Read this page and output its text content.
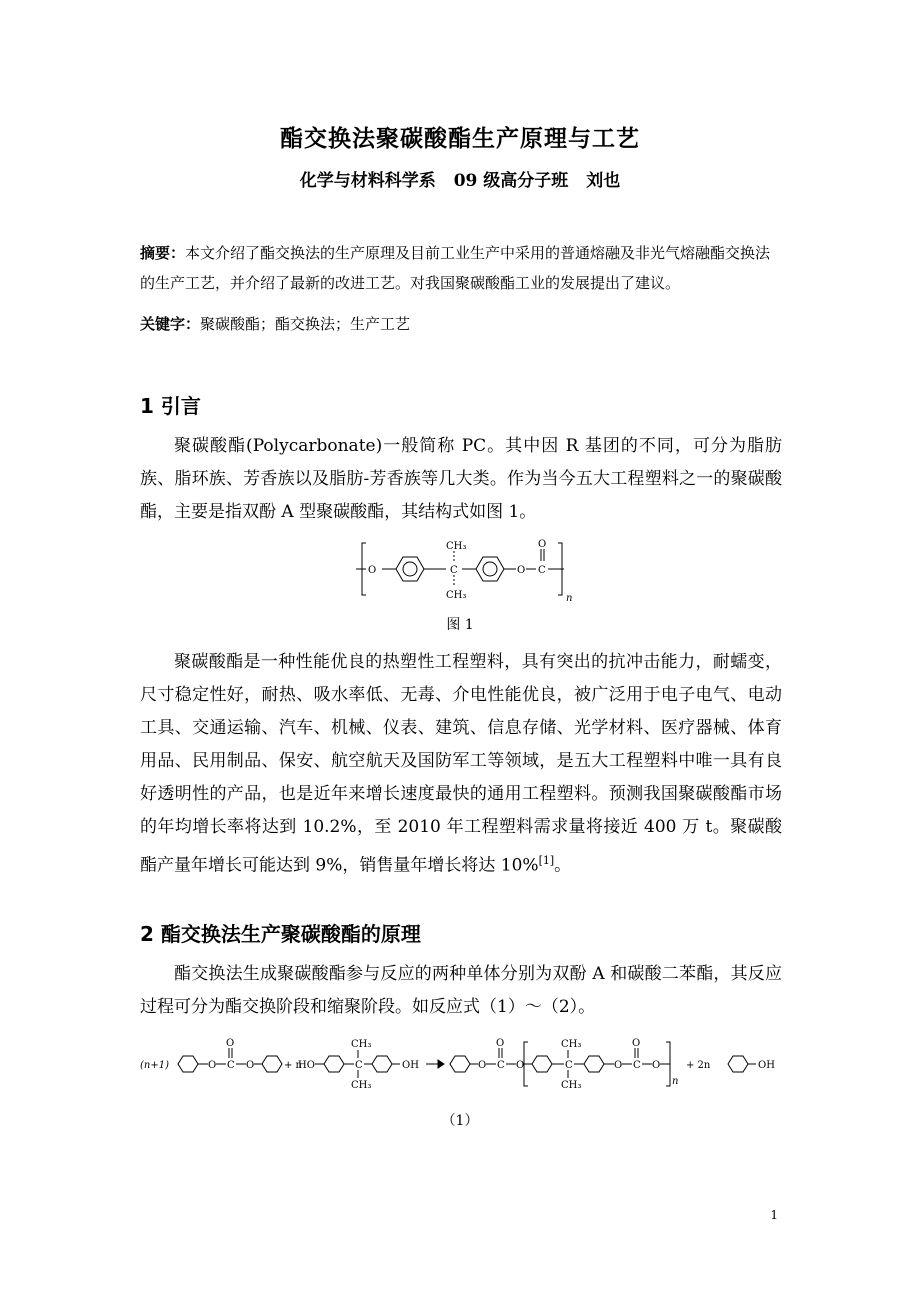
酯交换法聚碳酸酯生产原理与工艺
化学与材料科学系 09 级高分子班 刘也
摘要：本文介绍了酯交换法的生产原理及目前工业生产中采用的普通熔融及非光气熔融酯交换法的生产工艺，并介绍了最新的改进工艺。对我国聚碳酸酯工业的发展提出了建议。
关键字：聚碳酸酯；酯交换法；生产工艺
1 引言
聚碳酸酯(Polycarbonate)一般简称 PC。其中因 R 基团的不同，可分为脂肪族、脂环族、芳香族以及脂肪-芳香族等几大类。作为当今五大工程塑料之一的聚碳酸酯，主要是指双酚 A 型聚碳酸酯，其结构式如图 1。
O
CH₃
C
CH₃
O
O
C
n
图 1
聚碳酸酯是一种性能优良的热塑性工程塑料，具有突出的抗冲击能力，耐蠕变，尺寸稳定性好，耐热、吸水率低、无毒、介电性能优良，被广泛用于电子电气、电动工具、交通运输、汽车、机械、仪表、建筑、信息存储、光学材料、医疗器械、体育用品、民用制品、保安、航空航天及国防军工等领域，是五大工程塑料中唯一具有良好透明性的产品，也是近年来增长速度最快的通用工程塑料。预测我国聚碳酸酯市场的年均增长率将达到 10.2%，至 2010 年工程塑料需求量将接近 400 万 t。聚碳酸酯产量年增长可能达到 9%，销售量年增长将达 10%[1]。
2 酯交换法生产聚碳酸酯的原理
酯交换法生成聚碳酸酯参与反应的两种单体分别为双酚 A 和碳酸二苯酯，其反应过程可分为酯交换阶段和缩聚阶段。如反应式（1）～（2）。
(n+1)	O
O
C O	+ n
HO
CH₃
C
CH₃
OH	O
O
C O
CH₃
C
CH₃
O
O
C O
n
+ 2n	OH
（1）
1
